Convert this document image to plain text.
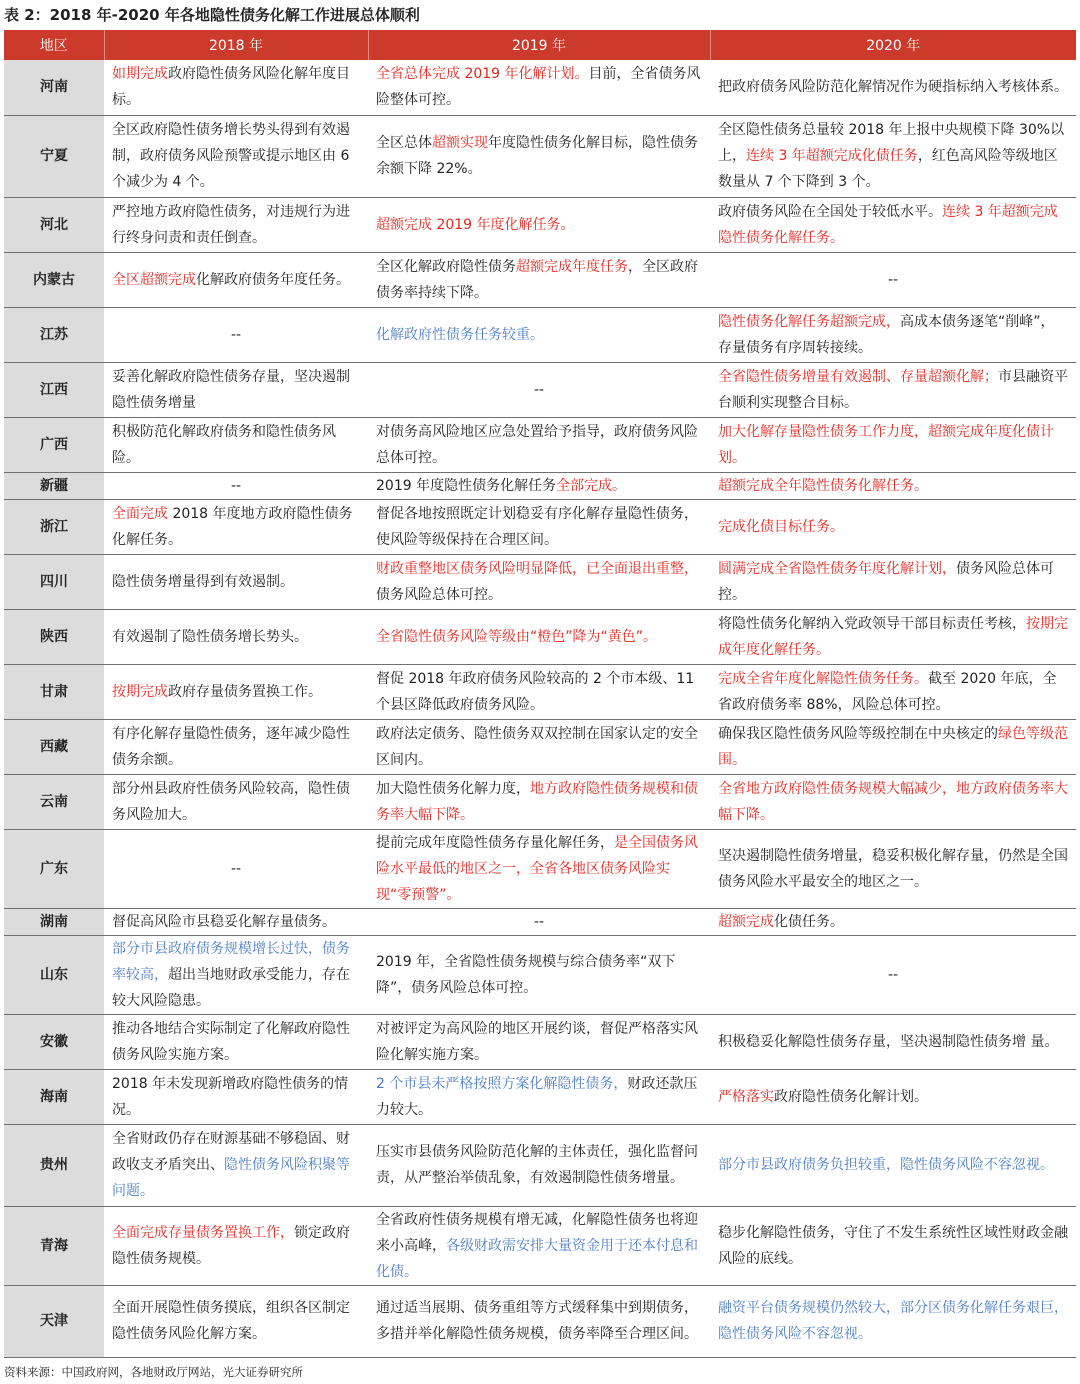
表 2：2018 年-2020 年各地隐性债务化解工作进展总体顺利
地区	2018 年	2019 年	2020 年
河南	如期完成政府隐性债务风险化解年度目标。	全省总体完成 2019 年化解计划。目前，全省债务风险整体可控。	把政府债务风险防范化解情况作为硬指标纳入考核体系。
宁夏	全区政府隐性债务增长势头得到有效遏制，政府债务风险预警或提示地区由 6 个减少为 4 个。	全区总体超额实现年度隐性债务化解目标，隐性债务余额下降 22%。	全区隐性债务总量较 2018 年上报中央规模下降 30%以上，连续 3 年超额完成化债任务，红色高风险等级地区数量从 7 个下降到 3 个。
河北	严控地方政府隐性债务，对违规行为进行终身问责和责任倒查。	超额完成 2019 年度化解任务。	政府债务风险在全国处于较低水平。连续 3 年超额完成隐性债务化解任务。
内蒙古	全区超额完成化解政府债务年度任务。	全区化解政府隐性债务超额完成年度任务，全区政府债务率持续下降。	--
江苏	--	化解政府性债务任务较重。	隐性债务化解任务超额完成，高成本债务逐笔“削峰”，存量债务有序周转接续。
江西	妥善化解政府隐性债务存量，坚决遏制隐性债务增量	--	全省隐性债务增量有效遏制、存量超额化解；市县融资平台顺利实现整合目标。
广西	积极防范化解政府债务和隐性债务风险。	对债务高风险地区应急处置给予指导，政府债务风险总体可控。	加大化解存量隐性债务工作力度，超额完成年度化债计划。
新疆	--	2019 年度隐性债务化解任务全部完成。	超额完成全年隐性债务化解任务。
浙江	全面完成 2018 年度地方政府隐性债务化解任务。	督促各地按照既定计划稳妥有序化解存量隐性债务，使风险等级保持在合理区间。	完成化债目标任务。
四川	隐性债务增量得到有效遏制。	财政重整地区债务风险明显降低，已全面退出重整，债务风险总体可控。	圆满完成全省隐性债务年度化解计划，债务风险总体可控。
陕西	有效遏制了隐性债务增长势头。	全省隐性债务风险等级由“橙色”降为“黄色”。	将隐性债务化解纳入党政领导干部目标责任考核，按期完成年度化解任务。
甘肃	按期完成政府存量债务置换工作。	督促 2018 年政府债务风险较高的 2 个市本级、11 个县区降低政府债务风险。	完成全省年度化解隐性债务任务。截至 2020 年底，全省政府债务率 88%，风险总体可控。
西藏	有序化解存量隐性债务，逐年减少隐性债务余额。	政府法定债务、隐性债务双双控制在国家认定的安全区间内。	确保我区隐性债务风险等级控制在中央核定的绿色等级范围。
云南	部分州县政府性债务风险较高，隐性债务风险加大。	加大隐性债务化解力度，地方政府隐性债务规模和债务率大幅下降。	全省地方政府隐性债务规模大幅减少，地方政府债务率大幅下降。
广东	--	提前完成年度隐性债务存量化解任务，是全国债务风险水平最低的地区之一，全省各地区债务风险实现“零预警”。	坚决遏制隐性债务增量，稳妥积极化解存量，仍然是全国债务风险水平最安全的地区之一。
湖南	督促高风险市县稳妥化解存量债务。	--	超额完成化债任务。
山东	部分市县政府债务规模增长过快，债务率较高，超出当地财政承受能力，存在较大风险隐患。	2019 年，全省隐性债务规模与综合债务率“双下降”，债务风险总体可控。	--
安徽	推动各地结合实际制定了化解政府隐性债务风险实施方案。	对被评定为高风险的地区开展约谈，督促严格落实风险化解实施方案。	积极稳妥化解隐性债务存量，坚决遏制隐性债务增 量。
海南	2018 年未发现新增政府隐性债务的情况。	2 个市县未严格按照方案化解隐性债务，财政还款压力较大。	严格落实政府隐性债务化解计划。
贵州	全省财政仍存在财源基础不够稳固、财政收支矛盾突出、隐性债务风险积聚等问题。	压实市县债务风险防范化解的主体责任，强化监督问责，从严整治举债乱象，有效遏制隐性债务增量。	部分市县政府债务负担较重，隐性债务风险不容忽视。
青海	全面完成存量债务置换工作，锁定政府隐性债务规模。	全省政府性债务规模有增无减，化解隐性债务也将迎来小高峰，各级财政需安排大量资金用于还本付息和化债。	稳步化解隐性债务，守住了不发生系统性区域性财政金融风险的底线。
天津	全面开展隐性债务摸底，组织各区制定隐性债务风险化解方案。	通过适当展期、债务重组等方式缓释集中到期债务，多措并举化解隐性债务规模，债务率降至合理区间。	融资平台债务规模仍然较大，部分区债务化解任务艰巨，隐性债务风险不容忽视。
资料来源：中国政府网，各地财政厅网站，光大证券研究所
